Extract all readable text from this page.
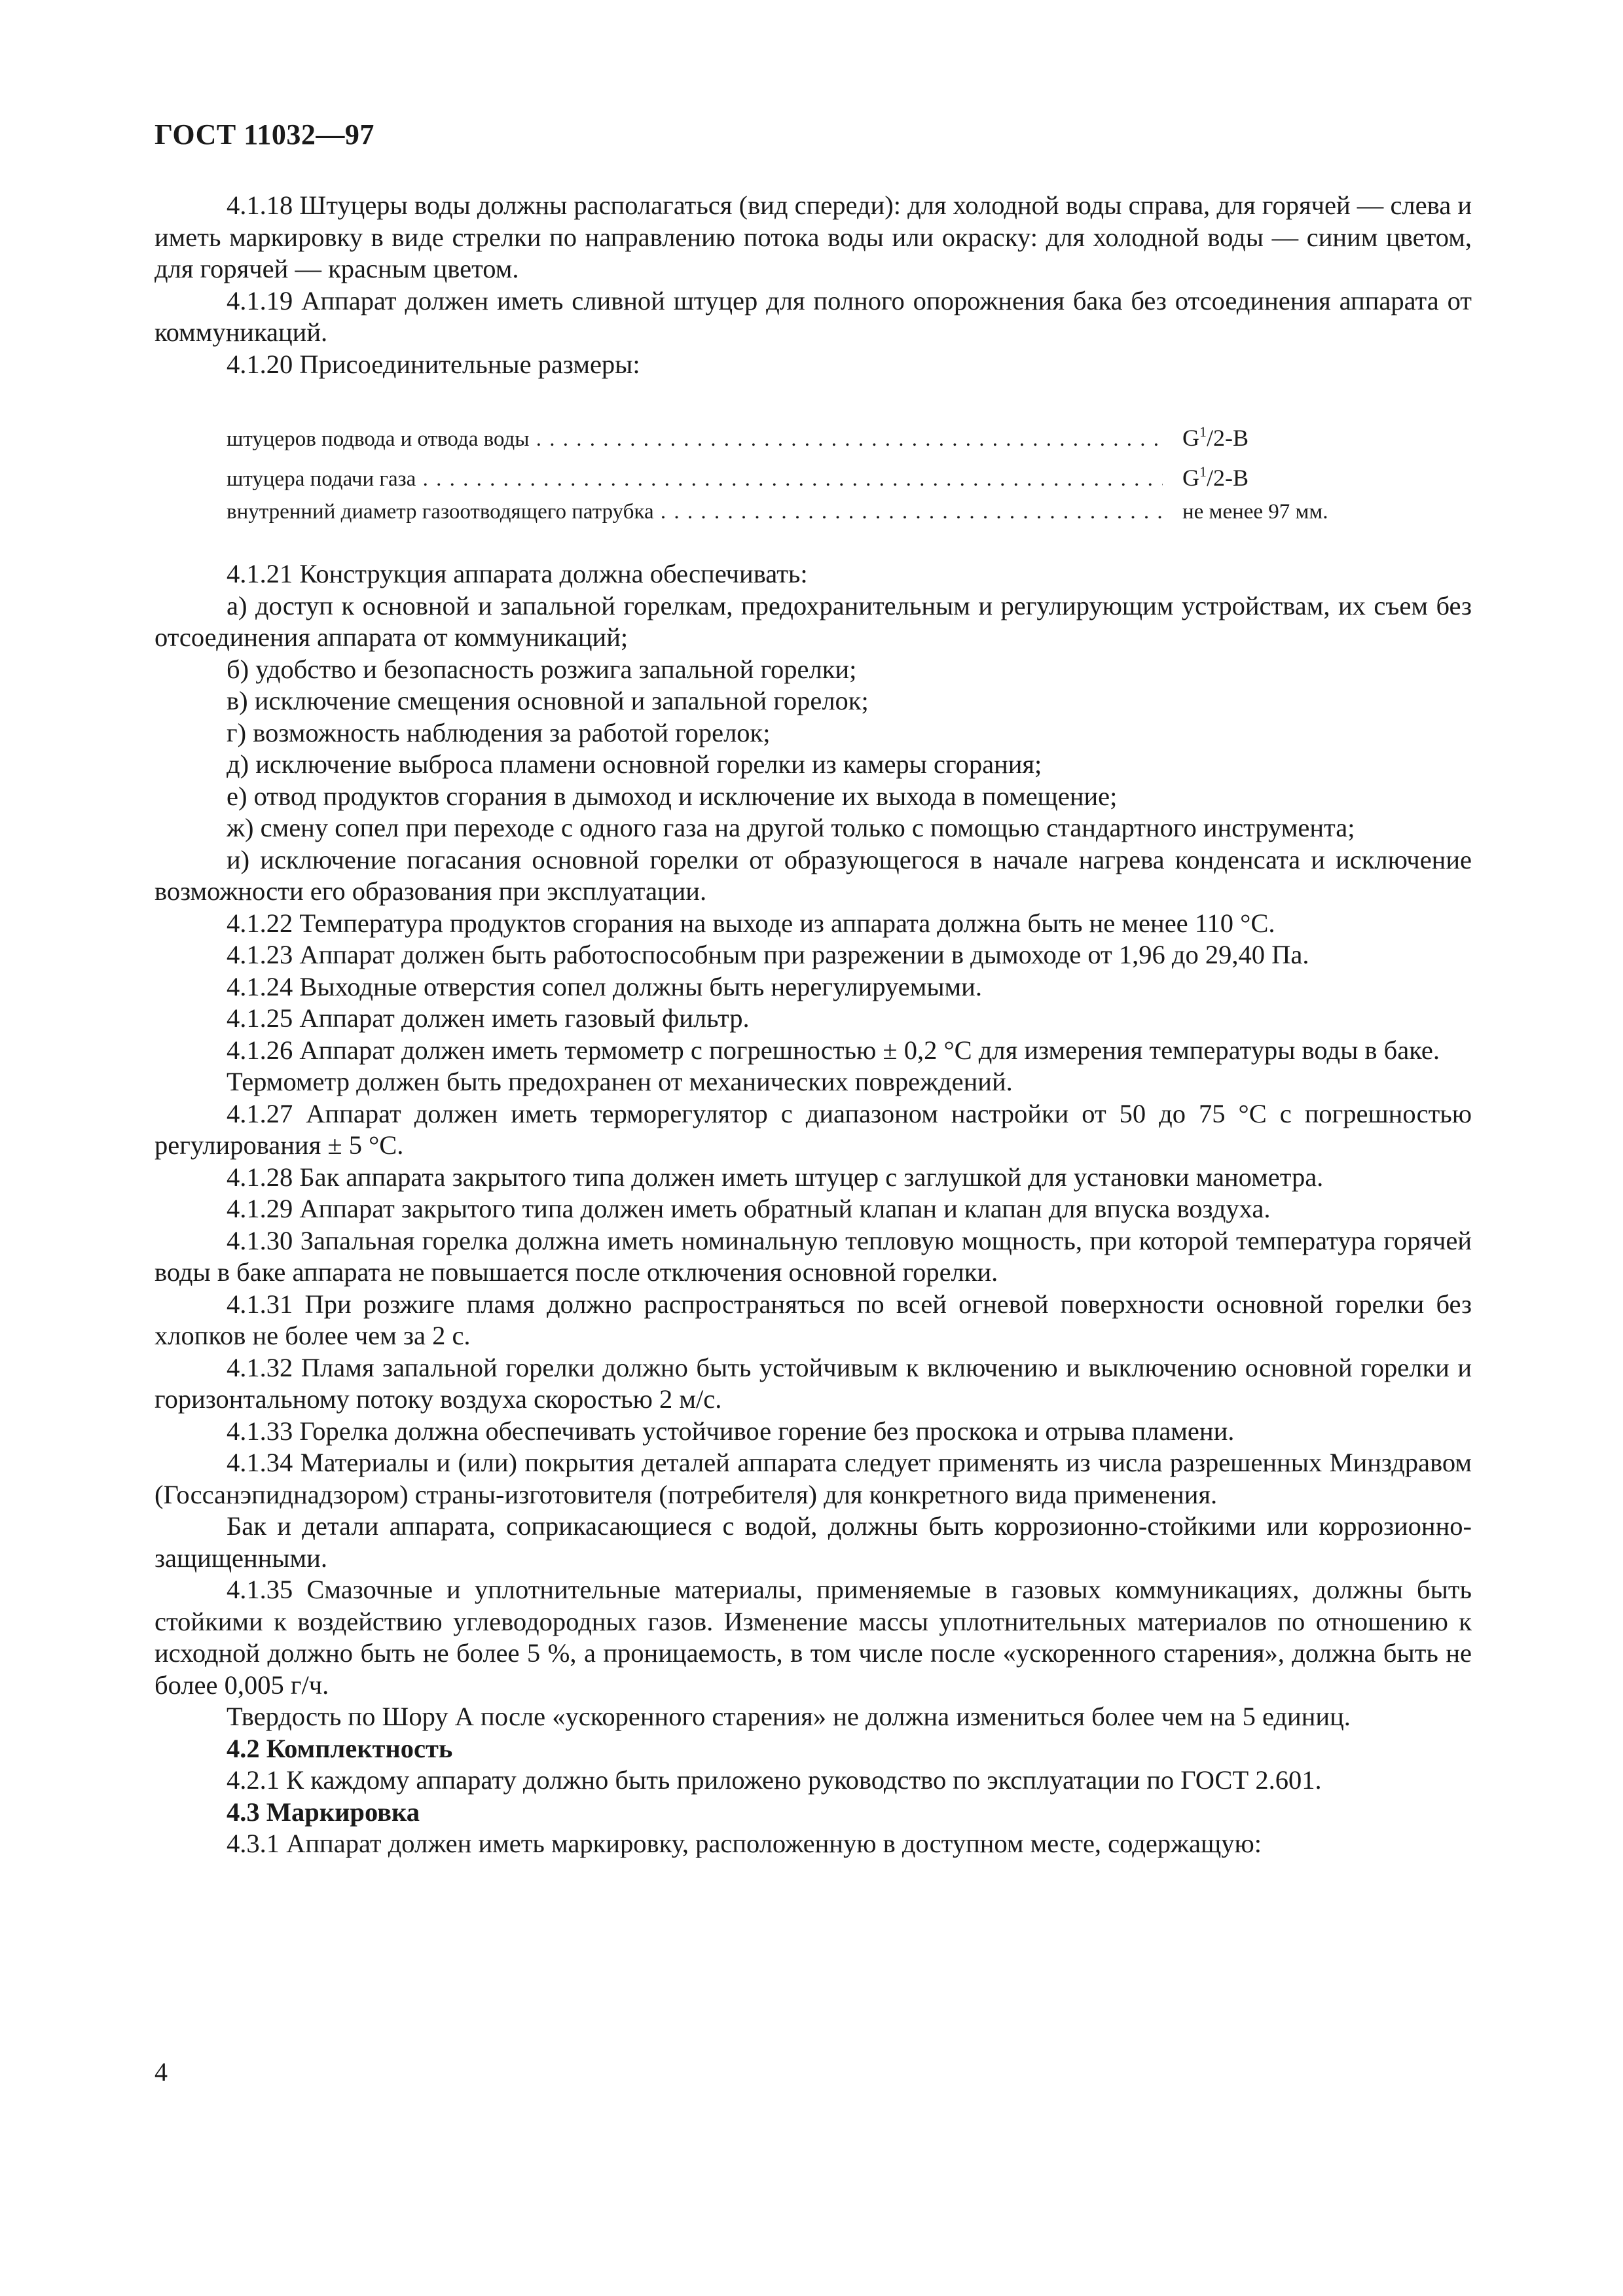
ГОСТ 11032—97

4.1.18 Штуцеры воды должны располагаться (вид спереди): для холодной воды справа, для горячей — слева и иметь маркировку в виде стрелки по направлению потока воды или окраску: для холодной воды — синим цветом, для горячей — красным цветом.

4.1.19 Аппарат должен иметь сливной штуцер для полного опорожнения бака без отсоединения аппарата от коммуникаций.

4.1.20 Присоединительные размеры:

штуцеров подвода и отвода воды . . .	$G^1/2-В$
штуцера подачи газа . . .	$G^1/2-В$
внутренний диаметр газоотводящего патрубка . . .	не менее 97 мм.

4.1.21 Конструкция аппарата должна обеспечивать:

а) доступ к основной и запальной горелкам, предохранительным и регулирующим устройствам, их съем без отсоединения аппарата от коммуникаций;

б) удобство и безопасность розжига запальной горелки;

в) исключение смещения основной и запальной горелок;

г) возможность наблюдения за работой горелок;

д) исключение выброса пламени основной горелки из камеры сгорания;

е) отвод продуктов сгорания в дымоход и исключение их выхода в помещение;

ж) смену сопел при переходе с одного газа на другой только с помощью стандартного инструмента;

и) исключение погасания основной горелки от образующегося в начале нагрева конденсата и исключение возможности его образования при эксплуатации.

4.1.22 Температура продуктов сгорания на выходе из аппарата должна быть не менее 110 °С.

4.1.23 Аппарат должен быть работоспособным при разрежении в дымоходе от 1,96 до 29,40 Па.

4.1.24 Выходные отверстия сопел должны быть нерегулируемыми.

4.1.25 Аппарат должен иметь газовый фильтр.

4.1.26 Аппарат должен иметь термометр с погрешностью ± 0,2 °С для измерения температуры воды в баке.

Термометр должен быть предохранен от механических повреждений.

4.1.27 Аппарат должен иметь терморегулятор с диапазоном настройки от 50 до 75 °С с погрешностью регулирования ± 5 °С.

4.1.28 Бак аппарата закрытого типа должен иметь штуцер с заглушкой для установки манометра.

4.1.29 Аппарат закрытого типа должен иметь обратный клапан и клапан для впуска воздуха.

4.1.30 Запальная горелка должна иметь номинальную тепловую мощность, при которой температура горячей воды в баке аппарата не повышается после отключения основной горелки.

4.1.31 При розжиге пламя должно распространяться по всей огневой поверхности основной горелки без хлопков не более чем за 2 с.

4.1.32 Пламя запальной горелки должно быть устойчивым к включению и выключению основной горелки и горизонтальному потоку воздуха скоростью 2 м/с.

4.1.33 Горелка должна обеспечивать устойчивое горение без проскока и отрыва пламени.

4.1.34 Материалы и (или) покрытия деталей аппарата следует применять из числа разрешенных Минздравом (Госсанэпиднадзором) страны-изготовителя (потребителя) для конкретного вида применения.

Бак и детали аппарата, соприкасающиеся с водой, должны быть коррозионно-стойкими или коррозионно-защищенными.

4.1.35 Смазочные и уплотнительные материалы, применяемые в газовых коммуникациях, должны быть стойкими к воздействию углеводородных газов. Изменение массы уплотнительных материалов по отношению к исходной должно быть не более 5 %, а проницаемость, в том числе после «ускоренного старения», должна быть не более 0,005 г/ч.

Твердость по Шору А после «ускоренного старения» не должна измениться более чем на 5 единиц.

4.2 Комплектность

4.2.1 К каждому аппарату должно быть приложено руководство по эксплуатации по ГОСТ 2.601.

4.3 Маркировка

4.3.1 Аппарат должен иметь маркировку, расположенную в доступном месте, содержащую:

4
